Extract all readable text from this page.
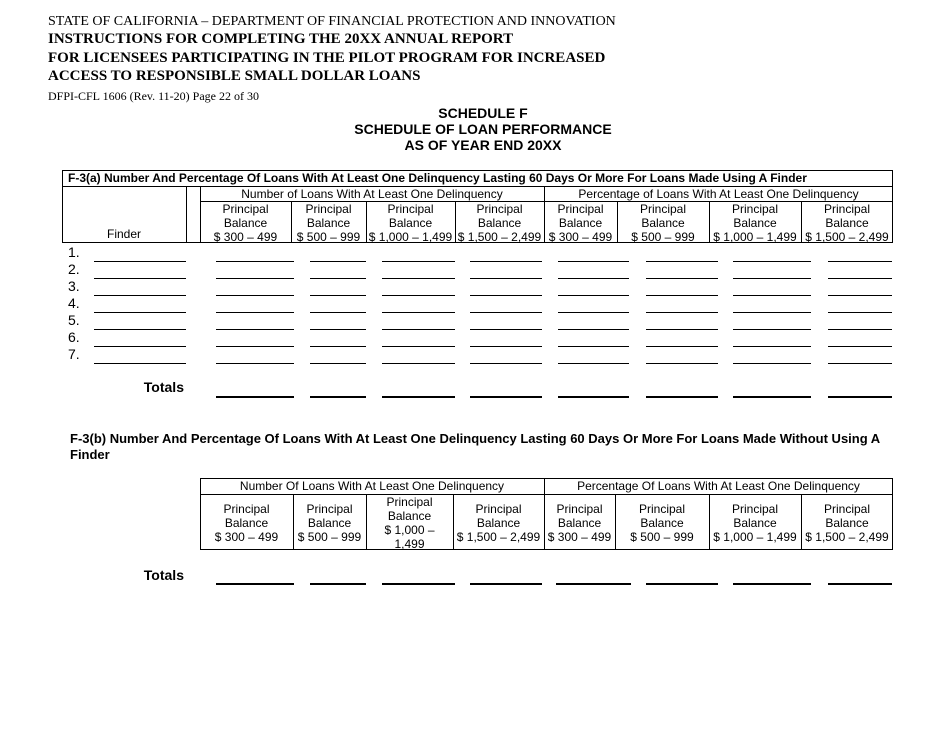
STATE OF CALIFORNIA – DEPARTMENT OF FINANCIAL PROTECTION AND INNOVATION
INSTRUCTIONS FOR COMPLETING THE 20XX ANNUAL REPORT
FOR LICENSEES PARTICIPATING IN THE PILOT PROGRAM FOR INCREASED
ACCESS TO RESPONSIBLE SMALL DOLLAR LOANS
DFPI-CFL 1606 (Rev. 11-20) Page 22 of 30
SCHEDULE F
SCHEDULE OF LOAN PERFORMANCE
AS OF YEAR END 20XX
F-3(a) Number And Percentage Of Loans With At Least One Delinquency Lasting 60 Days Or More For Loans Made Using A Finder
Number of Loans With At Least One Delinquency	Percentage of Loans With At Least One Delinquency
Finder
Principal
Balance
$ 300 – 499
Principal
Balance
$ 500 – 999
Principal
Balance
$ 1,000 – 1,499
Principal
Balance
$ 1,500 – 2,499
Principal
Balance
$ 300 – 499
Principal
Balance
$ 500 – 999
Principal
Balance
$ 1,000 – 1,499
Principal
Balance
$ 1,500 – 2,499
1.
2.
3.
4.
5.
6.
7.
Totals
F-3(b) Number And Percentage Of Loans With At Least One Delinquency Lasting 60 Days Or More For Loans Made Without Using A Finder
Number Of Loans With At Least One Delinquency	Percentage Of Loans With At Least One Delinquency
Principal
Balance
$ 300 – 499
Principal
Balance
$ 500 – 999
Principal
Balance
$ 1,000 –
1,499
Principal
Balance
$ 1,500 – 2,499
Principal
Balance
$ 300 – 499
Principal
Balance
$ 500 – 999
Principal
Balance
$ 1,000 – 1,499
Principal
Balance
$ 1,500 – 2,499
Totals
